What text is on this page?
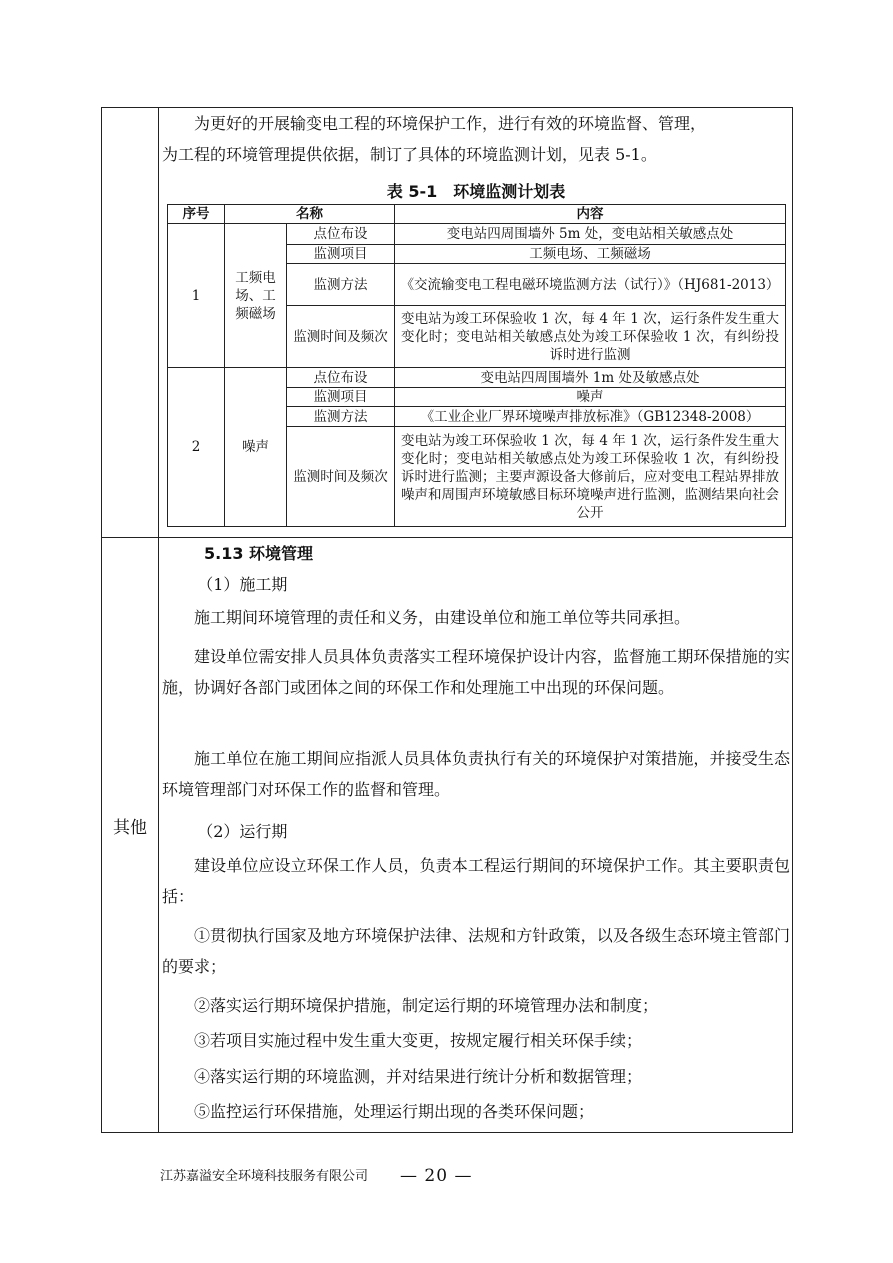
为更好的开展输变电工程的环境保护工作，进行有效的环境监督、管理，

为工程的环境管理提供依据，制订了具体的环境监测计划，见表 5-1。

表 5-1　环境监测计划表
序号	名称		内容
1	工频电场、工频磁场	点位布设	变电站四周围墙外 5m 处，变电站相关敏感点处
		监测项目	工频电场、工频磁场
		监测方法	《交流输变电工程电磁环境监测方法（试行）》（HJ681-2013）
		监测时间及频次	变电站为竣工环保验收 1 次，每 4 年 1 次，运行条件发生重大变化时；变电站相关敏感点处为竣工环保验收 1 次，有纠纷投诉时进行监测
2	噪声	点位布设	变电站四周围墙外 1m 处及敏感点处
		监测项目	噪声
		监测方法	《工业企业厂界环境噪声排放标准》（GB12348-2008）
		监测时间及频次	变电站为竣工环保验收 1 次，每 4 年 1 次，运行条件发生重大变化时；变电站相关敏感点处为竣工环保验收 1 次，有纠纷投诉时进行监测；主要声源设备大修前后，应对变电工程站界排放噪声和周围声环境敏感目标环境噪声进行监测，监测结果向社会公开
其他

5.13 环境管理

（1）施工期

施工期间环境管理的责任和义务，由建设单位和施工单位等共同承担。

建设单位需安排人员具体负责落实工程环境保护设计内容，监督施工期环保措施的实施，协调好各部门或团体之间的环保工作和处理施工中出现的环保问题。

施工单位在施工期间应指派人员具体负责执行有关的环境保护对策措施，并接受生态环境管理部门对环保工作的监督和管理。

（2）运行期

建设单位应设立环保工作人员，负责本工程运行期间的环境保护工作。其主要职责包括：

①贯彻执行国家及地方环境保护法律、法规和方针政策，以及各级生态环境主管部门的要求；

②落实运行期环境保护措施，制定运行期的环境管理办法和制度；

③若项目实施过程中发生重大变更，按规定履行相关环保手续；

④落实运行期的环境监测，并对结果进行统计分析和数据管理；

⑤监控运行环保措施，处理运行期出现的各类环保问题；

江苏嘉溢安全环境科技服务有限公司 — 20 —
